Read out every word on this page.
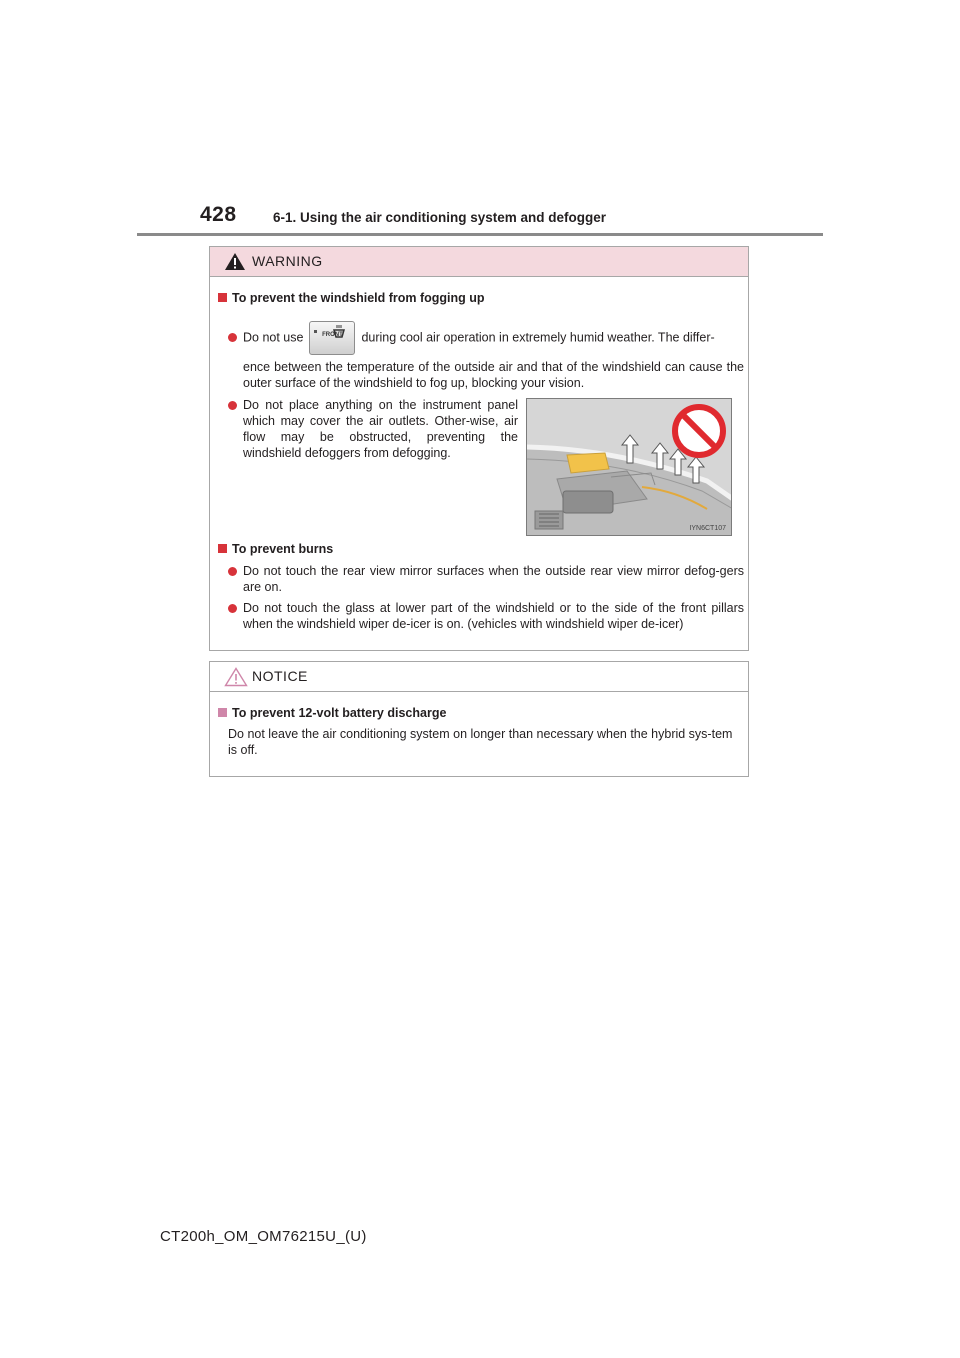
428	6-1. Using the air conditioning system and defogger
WARNING
To prevent the windshield from fogging up
Do not use	FRONT	during cool air operation in extremely humid weather. The differ-
ence between the temperature of the outside air and that of the windshield can cause the outer surface of the windshield to fog up, blocking your vision.
Do not place anything on the instrument panel which may cover the air outlets. Other-wise, air flow may be obstructed, preventing the windshield defoggers from defogging.
IYN6CT107
To prevent burns
Do not touch the rear view mirror surfaces when the outside rear view mirror defog-gers are on.
Do not touch the glass at lower part of the windshield or to the side of the front pillars when the windshield wiper de-icer is on. (vehicles with windshield wiper de-icer)
NOTICE
To prevent 12-volt battery discharge
Do not leave the air conditioning system on longer than necessary when the hybrid sys-tem is off.
CT200h_OM_OM76215U_(U)
